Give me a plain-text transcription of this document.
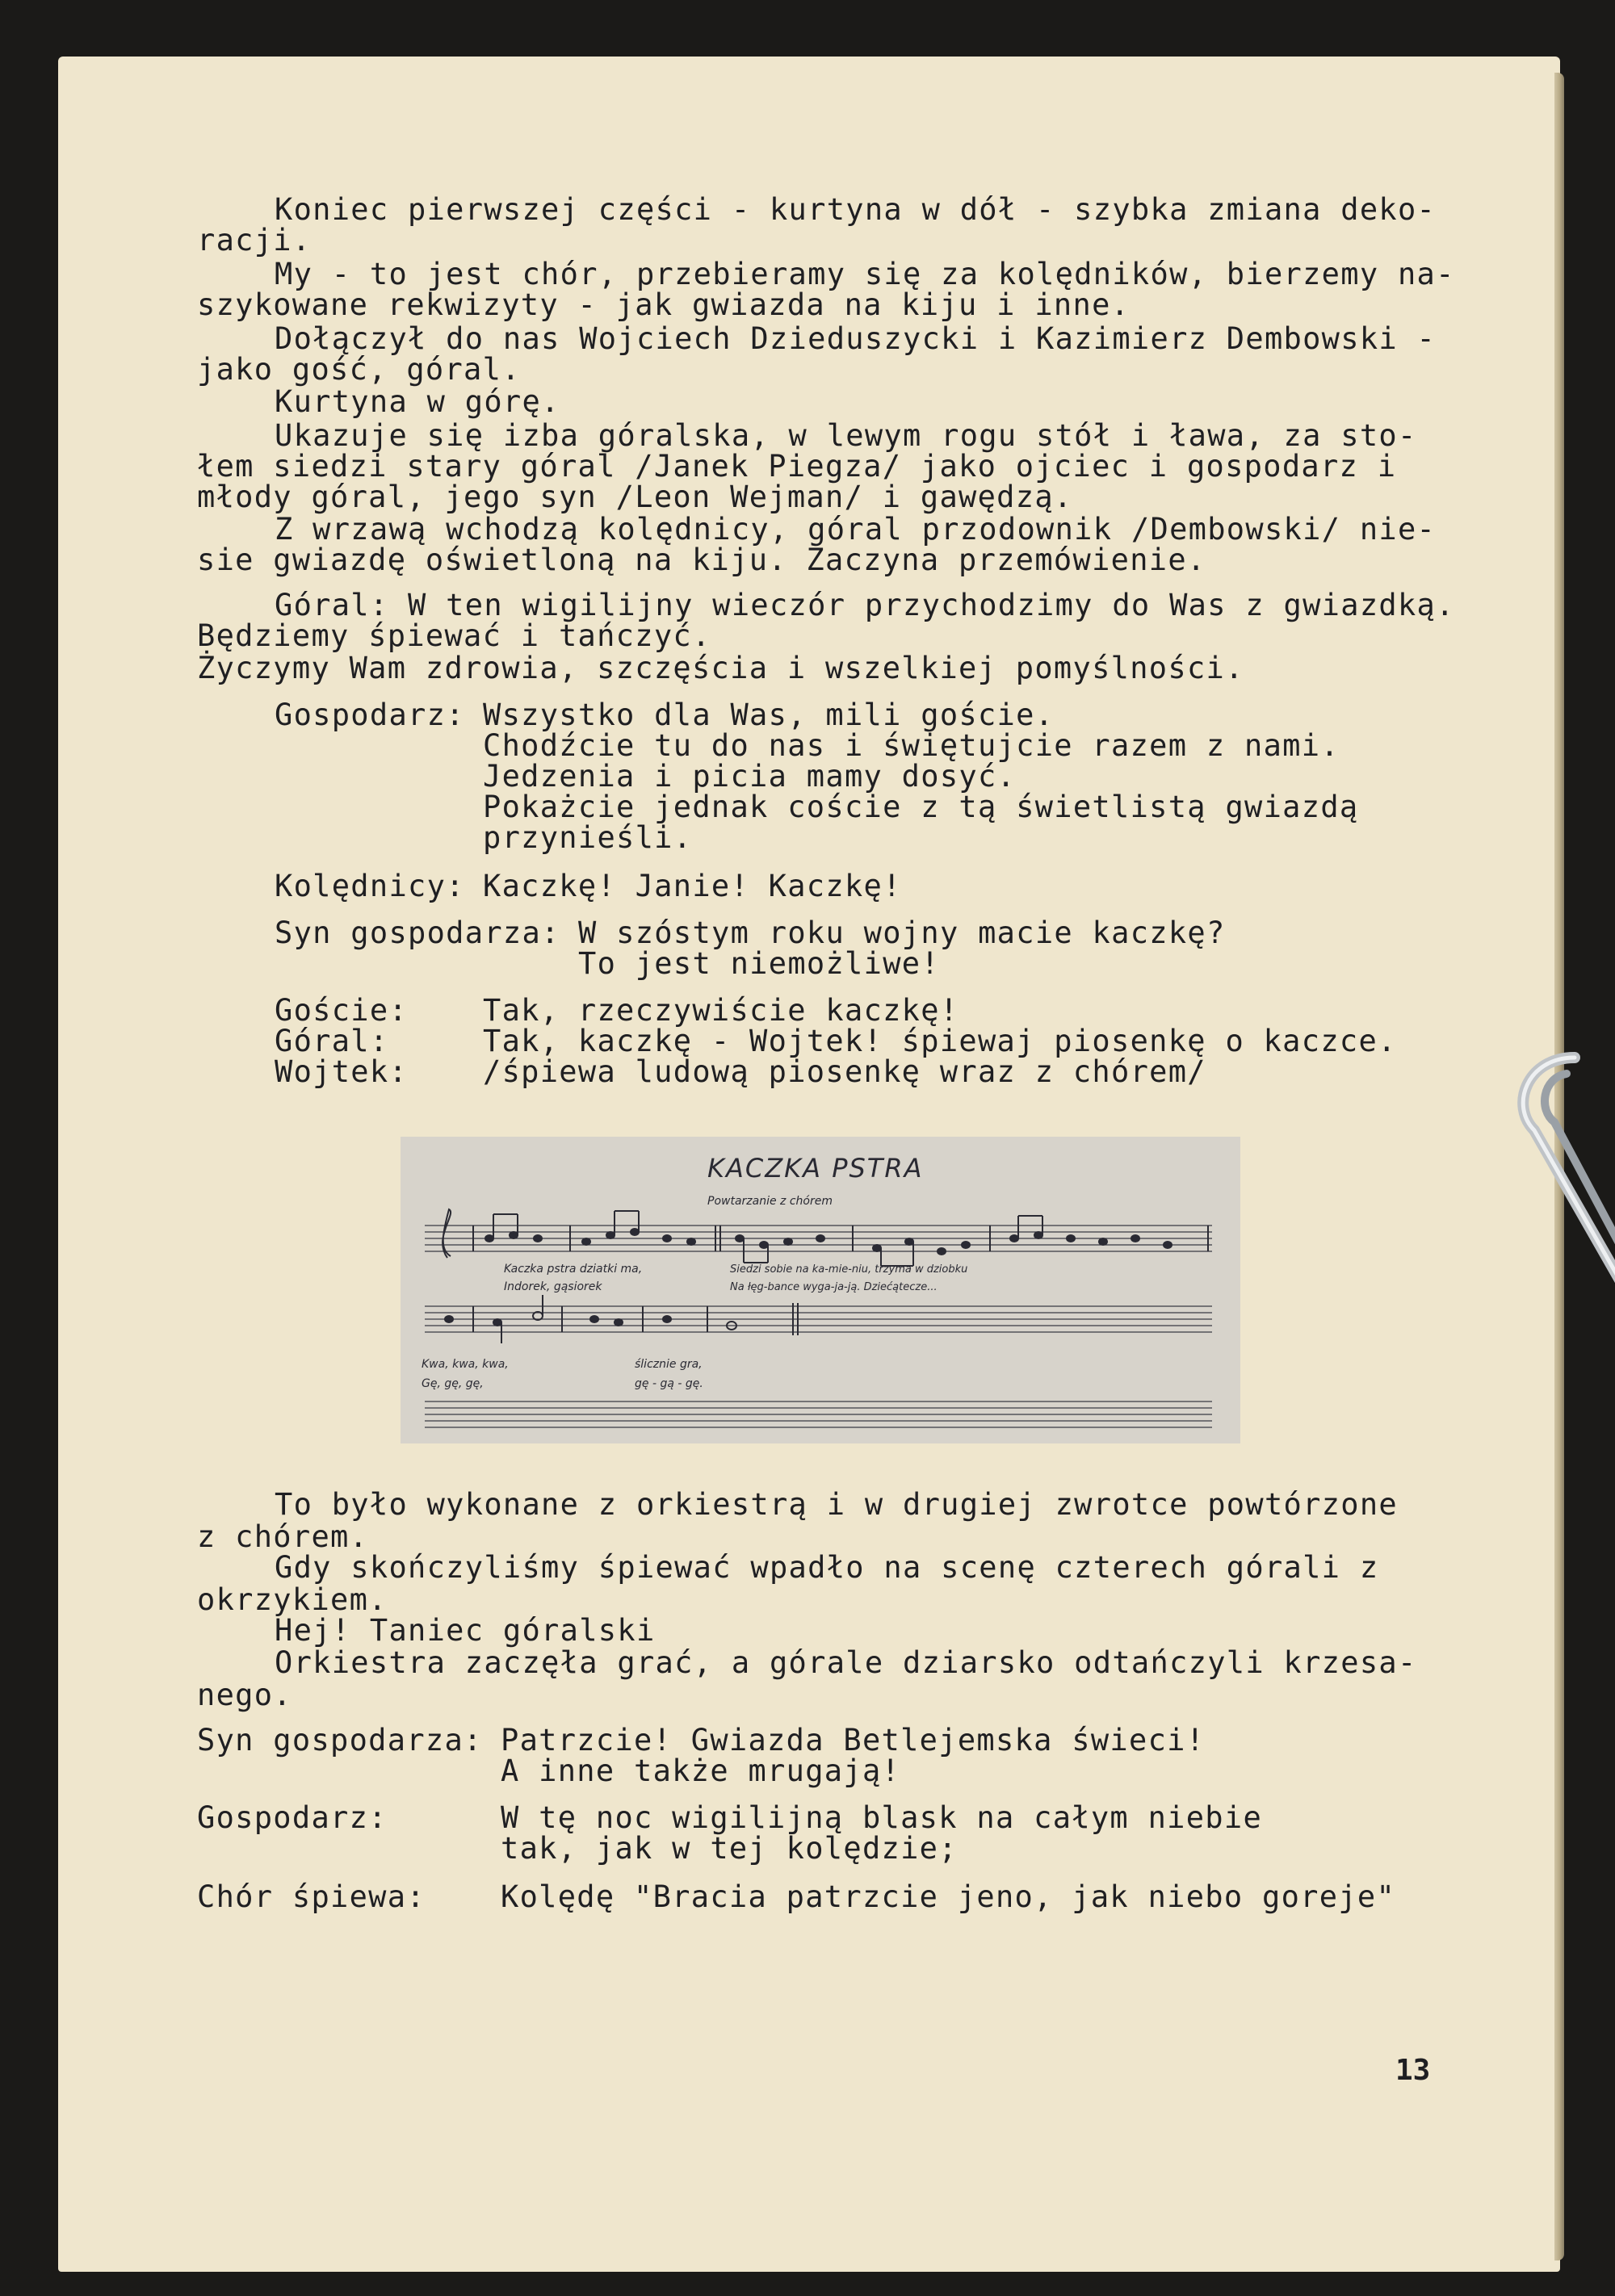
Koniec pierwszej części - kurtyna w dół - szybka zmiana deko-
racji.
My - to jest chór, przebieramy się za kolędników, bierzemy na-
szykowane rekwizyty - jak gwiazda na kiju i inne.
Dołączył do nas Wojciech Dzieduszycki i Kazimierz Dembowski -
jako gość, góral.
Kurtyna w górę.
Ukazuje się izba góralska, w lewym rogu stół i ława, za sto-
łem siedzi stary góral /Janek Piegza/ jako ojciec i gospodarz i
młody góral, jego syn /Leon Wejman/ i gawędzą.
Z wrzawą wchodzą kolędnicy, góral przodownik /Dembowski/ nie-
sie gwiazdę oświetloną na kiju. Zaczyna przemówienie.
Góral: W ten wigilijny wieczór przychodzimy do Was z gwiazdką.
Będziemy śpiewać i tańczyć.
Życzymy Wam zdrowia, szczęścia i wszelkiej pomyślności.
Gospodarz: Wszystko dla Was, mili goście.
Chodźcie tu do nas i świętujcie razem z nami.
Jedzenia i picia mamy dosyć.
Pokażcie jednak coście z tą świetlistą gwiazdą
przynieśli.
Kolędnicy: Kaczkę! Janie! Kaczkę!
Syn gospodarza: W szóstym roku wojny macie kaczkę?
To jest niemożliwe!
Goście:	Tak, rzeczywiście kaczkę!
Góral:	Tak, kaczkę - Wojtek! śpiewaj piosenkę o kaczce.
Wojtek:	/śpiewa ludową piosenkę wraz z chórem/
KACZKA PSTRA
Powtarzanie z chórem
Kaczka pstra dziatki ma,	Siedzi sobie na ka-mie-niu, trzyma w dziobku
Indorek, gąsiorek	Na łęg-bance wyga-ja-ją. Dziećątecze...
Kwa, kwa, kwa,	ślicznie gra,
Gę, gę, gę,	gę - gą - gę.
To było wykonane z orkiestrą i w drugiej zwrotce powtórzone
z chórem.
Gdy skończyliśmy śpiewać wpadło na scenę czterech górali z
okrzykiem.
Hej! Taniec góralski
Orkiestra zaczęła grać, a górale dziarsko odtańczyli krzesa-
nego.
Syn gospodarza: Patrzcie! Gwiazda Betlejemska świeci!
A inne także mrugają!
Gospodarz:	W tę noc wigilijną blask na całym niebie
tak, jak w tej kolędzie;
Chór śpiewa:	Kolędę "Bracia patrzcie jeno, jak niebo goreje"
13
